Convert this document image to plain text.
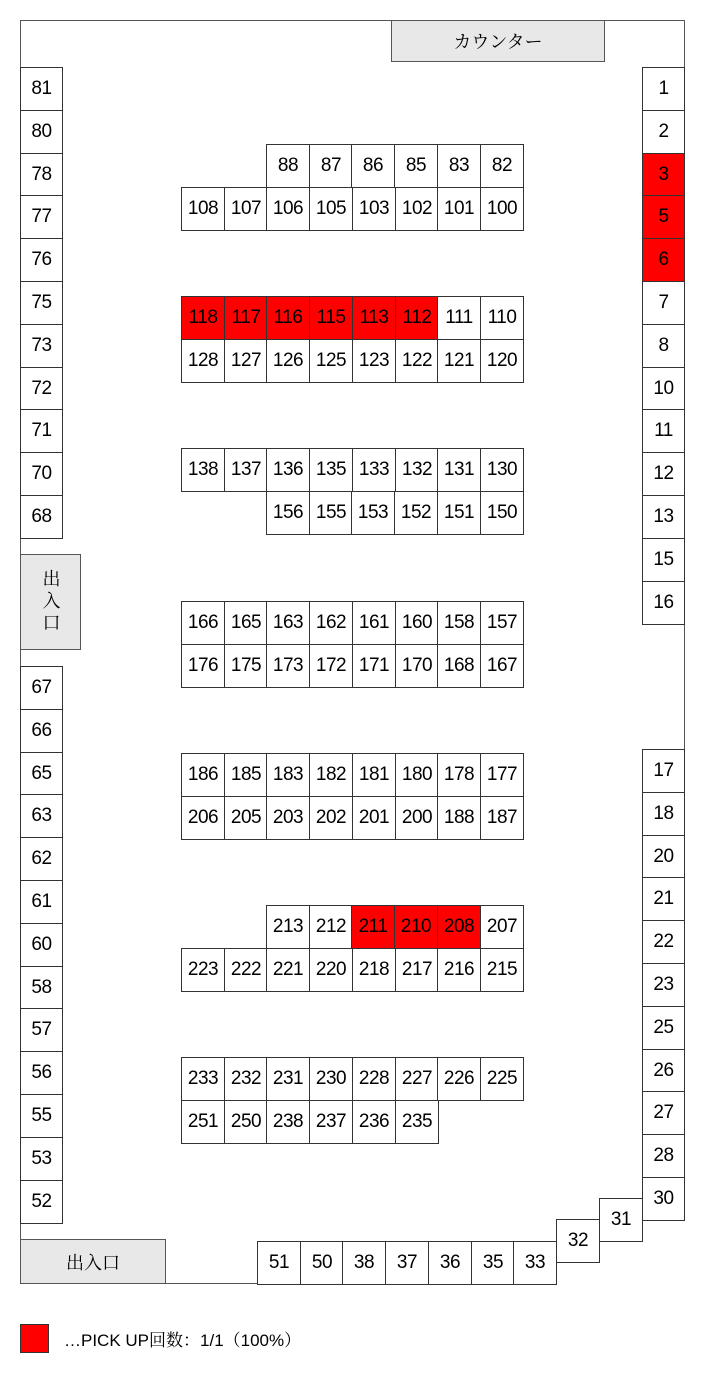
カウンター
出入口
出入口
81
80
78
77
76
75
73
72
71
70
68
67
66
65
63
62
61
60
58
57
56
55
53
52
1
2
3
5
6
7
8
10
11
12
13
15
16
17
18
20
21
22
23
25
26
27
28
30
51	50	38	37	36	35	33
88	87	86	85	83	82
108 107 106 105 103 102 101 100
118 117 116 115 113 112 111 110
128 127 126 125 123 122 121 120
138 137 136 135 133 132 131 130
156 155 153 152 151 150
166 165 163 162 161 160 158 157
176 175 173 172 171 170 168 167
186 185 183 182 181 180 178 177
206 205 203 202 201 200 188 187
213 212 211 210 208 207
223 222 221 220 218 217 216 215
233 232 231 230 228 227 226 225
251 250 238 237 236 235
32
31
…PICK UP回数：1/1（100%）
